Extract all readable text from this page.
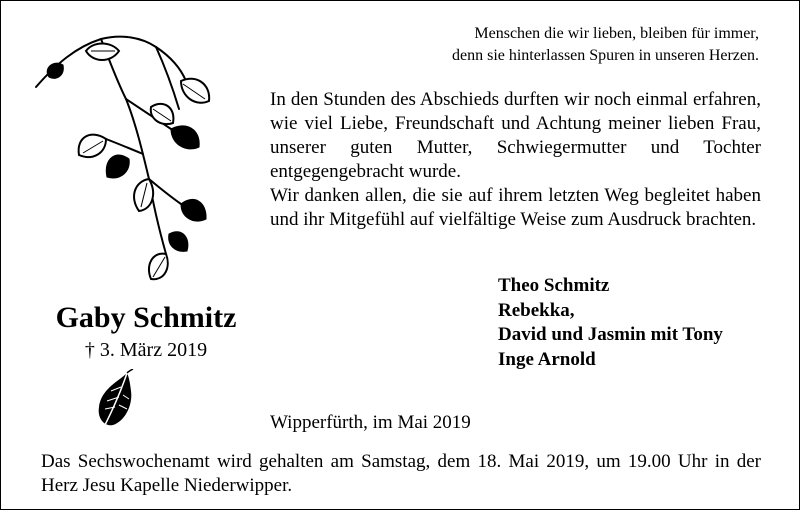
Gaby Schmitz
† 3. März 2019
Menschen die wir lieben, bleiben für immer,
denn sie hinterlassen Spuren in unseren Herzen.

In den Stunden des Abschieds durften wir noch einmal erfahren, wie viel Liebe, Freundschaft und Achtung meiner lieben Frau, unserer guten Mutter, Schwiegermutter und Tochter entgegengebracht wurde.

Wir danken allen, die sie auf ihrem letzten Weg begleitet haben und ihr Mitgefühl auf vielfältige Weise zum Ausdruck brachten.

Theo Schmitz
Rebekka,
David und Jasmin mit Tony
Inge Arnold
Wipperfürth, im Mai 2019
Das Sechswochenamt wird gehalten am Samstag, dem 18. Mai 2019, um 19.00 Uhr in der Herz Jesu Kapelle Niederwipper.
